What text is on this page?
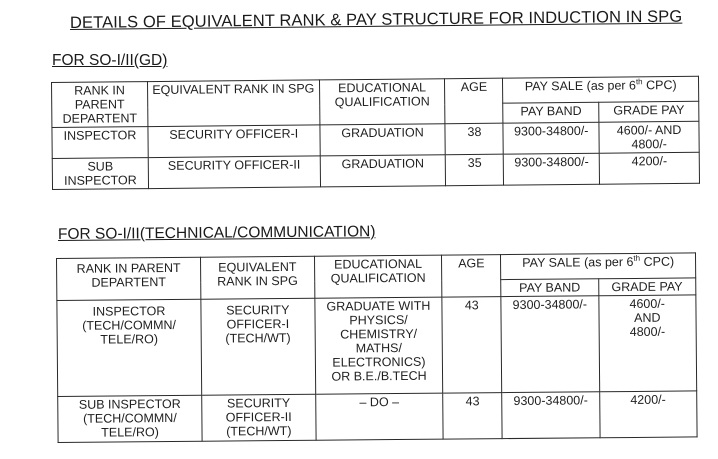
DETAILS OF EQUIVALENT RANK & PAY STRUCTURE FOR INDUCTION IN SPG
FOR SO-I/II(GD)
RANK IN PARENT DEPARTENT	EQUIVALENT RANK IN SPG	EDUCATIONAL QUALIFICATION	AGE	PAY SALE (as per 6th CPC)	
				PAY BAND	GRADE PAY
INSPECTOR	SECURITY OFFICER-I	GRADUATION	38	9300-34800/-	4600/- AND 4800/-
SUB INSPECTOR	SECURITY OFFICER-II	GRADUATION	35	9300-34800/-	4200/-
FOR SO-I/II(TECHNICAL/COMMUNICATION)
RANK IN PARENT DEPARTENT	EQUIVALENT RANK IN SPG	EDUCATIONAL QUALIFICATION	AGE	PAY SALE (as per 6th CPC)	
				PAY BAND	GRADE PAY
INSPECTOR (TECH/COMMN/ TELE/RO)	SECURITY OFFICER-I (TECH/WT)	GRADUATE WITH PHYSICS/ CHEMISTRY/ MATHS/ ELECTRONICS) OR B.E./B.TECH	43	9300-34800/-	4600/- AND 4800/-
SUB INSPECTOR (TECH/COMMN/ TELE/RO)	SECURITY OFFICER-II (TECH/WT)	– DO –	43	9300-34800/-	4200/-
